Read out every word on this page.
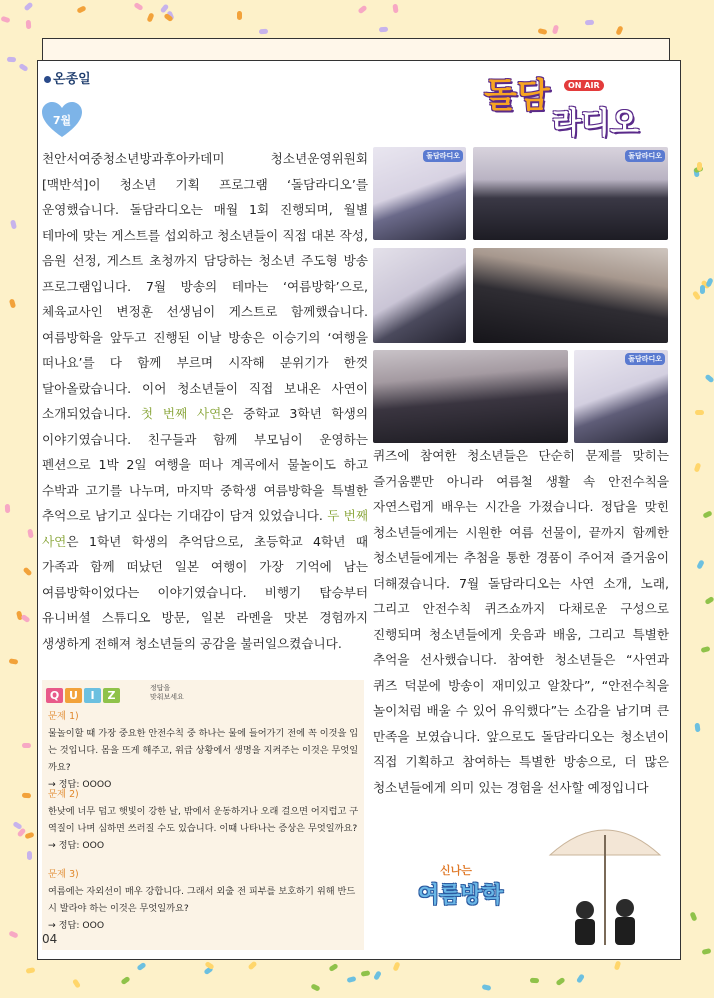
온종일
7월
돌담	ON AIR
라디오
천안서여중청소년방과후아카데미 청소년운영위원회 [맥반석]이 청소년 기획 프로그램 ‘돌담라디오’를 운영했습니다. 돌담라디오는 매월 1회 진행되며, 월별 테마에 맞는 게스트를 섭외하고 청소년들이 직접 대본 작성, 음원 선정, 게스트 초청까지 담당하는 청소년 주도형 방송 프로그램입니다. 7월 방송의 테마는 ‘여름방학’으로, 체육교사인 변정훈 선생님이 게스트로 함께했습니다. 여름방학을 앞두고 진행된 이날 방송은 이승기의 ‘여행을 떠나요’를 다 함께 부르며 시작해 분위기가 한껏 달아올랐습니다. 이어 청소년들이 직접 보내온 사연이 소개되었습니다. 첫 번째 사연은 중학교 3학년 학생의 이야기였습니다. 친구들과 함께 부모님이 운영하는 펜션으로 1박 2일 여행을 떠나 계곡에서 물놀이도 하고 수박과 고기를 나누며, 마지막 중학생 여름방학을 특별한 추억으로 남기고 싶다는 기대감이 담겨 있었습니다. 두 번째 사연은 1학년 학생의 추억담으로, 초등학교 4학년 때 가족과 함께 떠났던 일본 여행이 가장 기억에 남는 여름방학이었다는 이야기였습니다. 비행기 탑승부터 유니버셜 스튜디오 방문, 일본 라멘을 맛본 경험까지 생생하게 전해져 청소년들의 공감을 불러일으켰습니다.
돌담라디오	돌담라디오
돌담라디오
퀴즈에 참여한 청소년들은 단순히 문제를 맞히는 즐거움뿐만 아니라 여름철 생활 속 안전수칙을 자연스럽게 배우는 시간을 가졌습니다. 정답을 맞힌 청소년들에게는 시원한 여름 선물이, 끝까지 함께한 청소년들에게는 추첨을 통한 경품이 주어져 즐거움이 더해졌습니다. 7월 돌담라디오는 사연 소개, 노래, 그리고 안전수칙 퀴즈쇼까지 다채로운 구성으로 진행되며 청소년들에게 웃음과 배움, 그리고 특별한 추억을 선사했습니다. 참여한 청소년들은 “사연과 퀴즈 덕분에 방송이 재미있고 알찼다”, “안전수칙을 놀이처럼 배울 수 있어 유익했다”는 소감을 남기며 큰 만족을 보였습니다. 앞으로도 돌담라디오는 청소년이 직접 기획하고 참여하는 특별한 방송으로, 더 많은 청소년들에게 의미 있는 경험을 선사할 예정입니다
Q U I Z
정답을
맞춰보세요
문제 1)
물놀이할 때 가장 중요한 안전수칙 중 하나는 물에 들어가기 전에 꼭 이것을 입는 것입니다. 몸을 뜨게 해주고, 위급 상황에서 생명을 지켜주는 이것은 무엇일까요?
→ 정답: OOOO
문제 2)
한낮에 너무 덥고 햇빛이 강한 날, 밖에서 운동하거나 오래 걸으면 어지럽고 구역질이 나며 심하면 쓰러질 수도 있습니다. 이때 나타나는 증상은 무엇일까요?
→ 정답: OOO
문제 3)
여름에는 자외선이 매우 강합니다. 그래서 외출 전 피부를 보호하기 위해 반드시 발라야 하는 이것은 무엇일까요?
→ 정답: OOO
04
신나는
여름방학
